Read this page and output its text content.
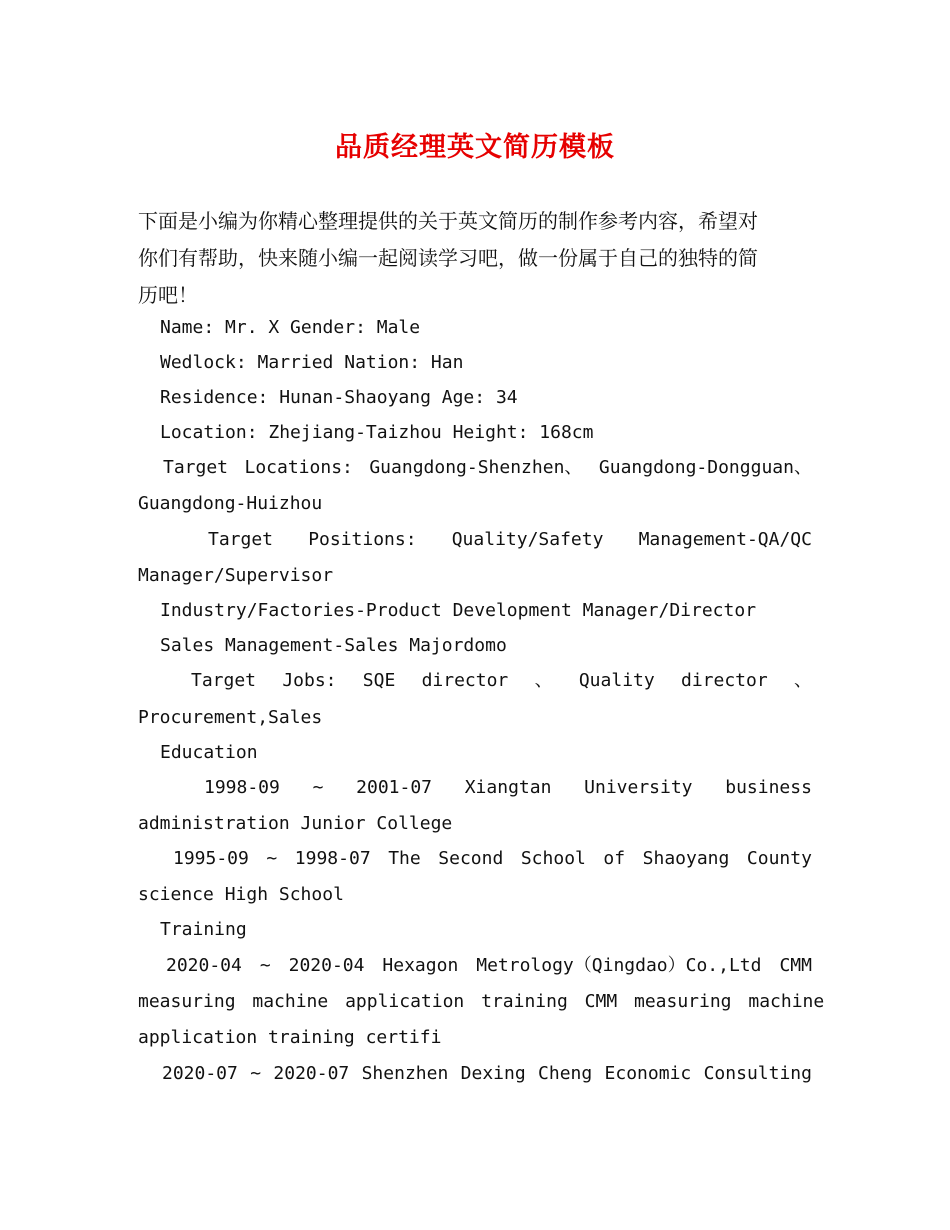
品质经理英文简历模板
下面是小编为你精心整理提供的关于英文简历的制作参考内容，希望对
你们有帮助，快来随小编一起阅读学习吧，做一份属于自己的独特的简
历吧！
Name: Mr. X Gender: Male
Wedlock: Married Nation: Han
Residence: Hunan-Shaoyang Age: 34
Location: Zhejiang-Taizhou Height: 168cm
Target Locations: Guangdong-Shenzhen、 Guangdong-Dongguan、
Guangdong-Huizhou
Target Positions: Quality/Safety Management-QA/QC
Manager/Supervisor
Industry/Factories-Product Development Manager/Director
Sales Management-Sales Majordomo
Target Jobs: SQE director 、 Quality director 、
Procurement,Sales
Education
1998-09 ~ 2001-07 Xiangtan University business
administration Junior College
1995-09 ~ 1998-07 The Second School of Shaoyang County
science High School
Training
2020-04 ~ 2020-04 Hexagon Metrology（Qingdao）Co.,Ltd CMM
measuring machine application training CMM measuring machine
application training certifi
2020-07 ~ 2020-07 Shenzhen Dexing Cheng Economic Consulting
